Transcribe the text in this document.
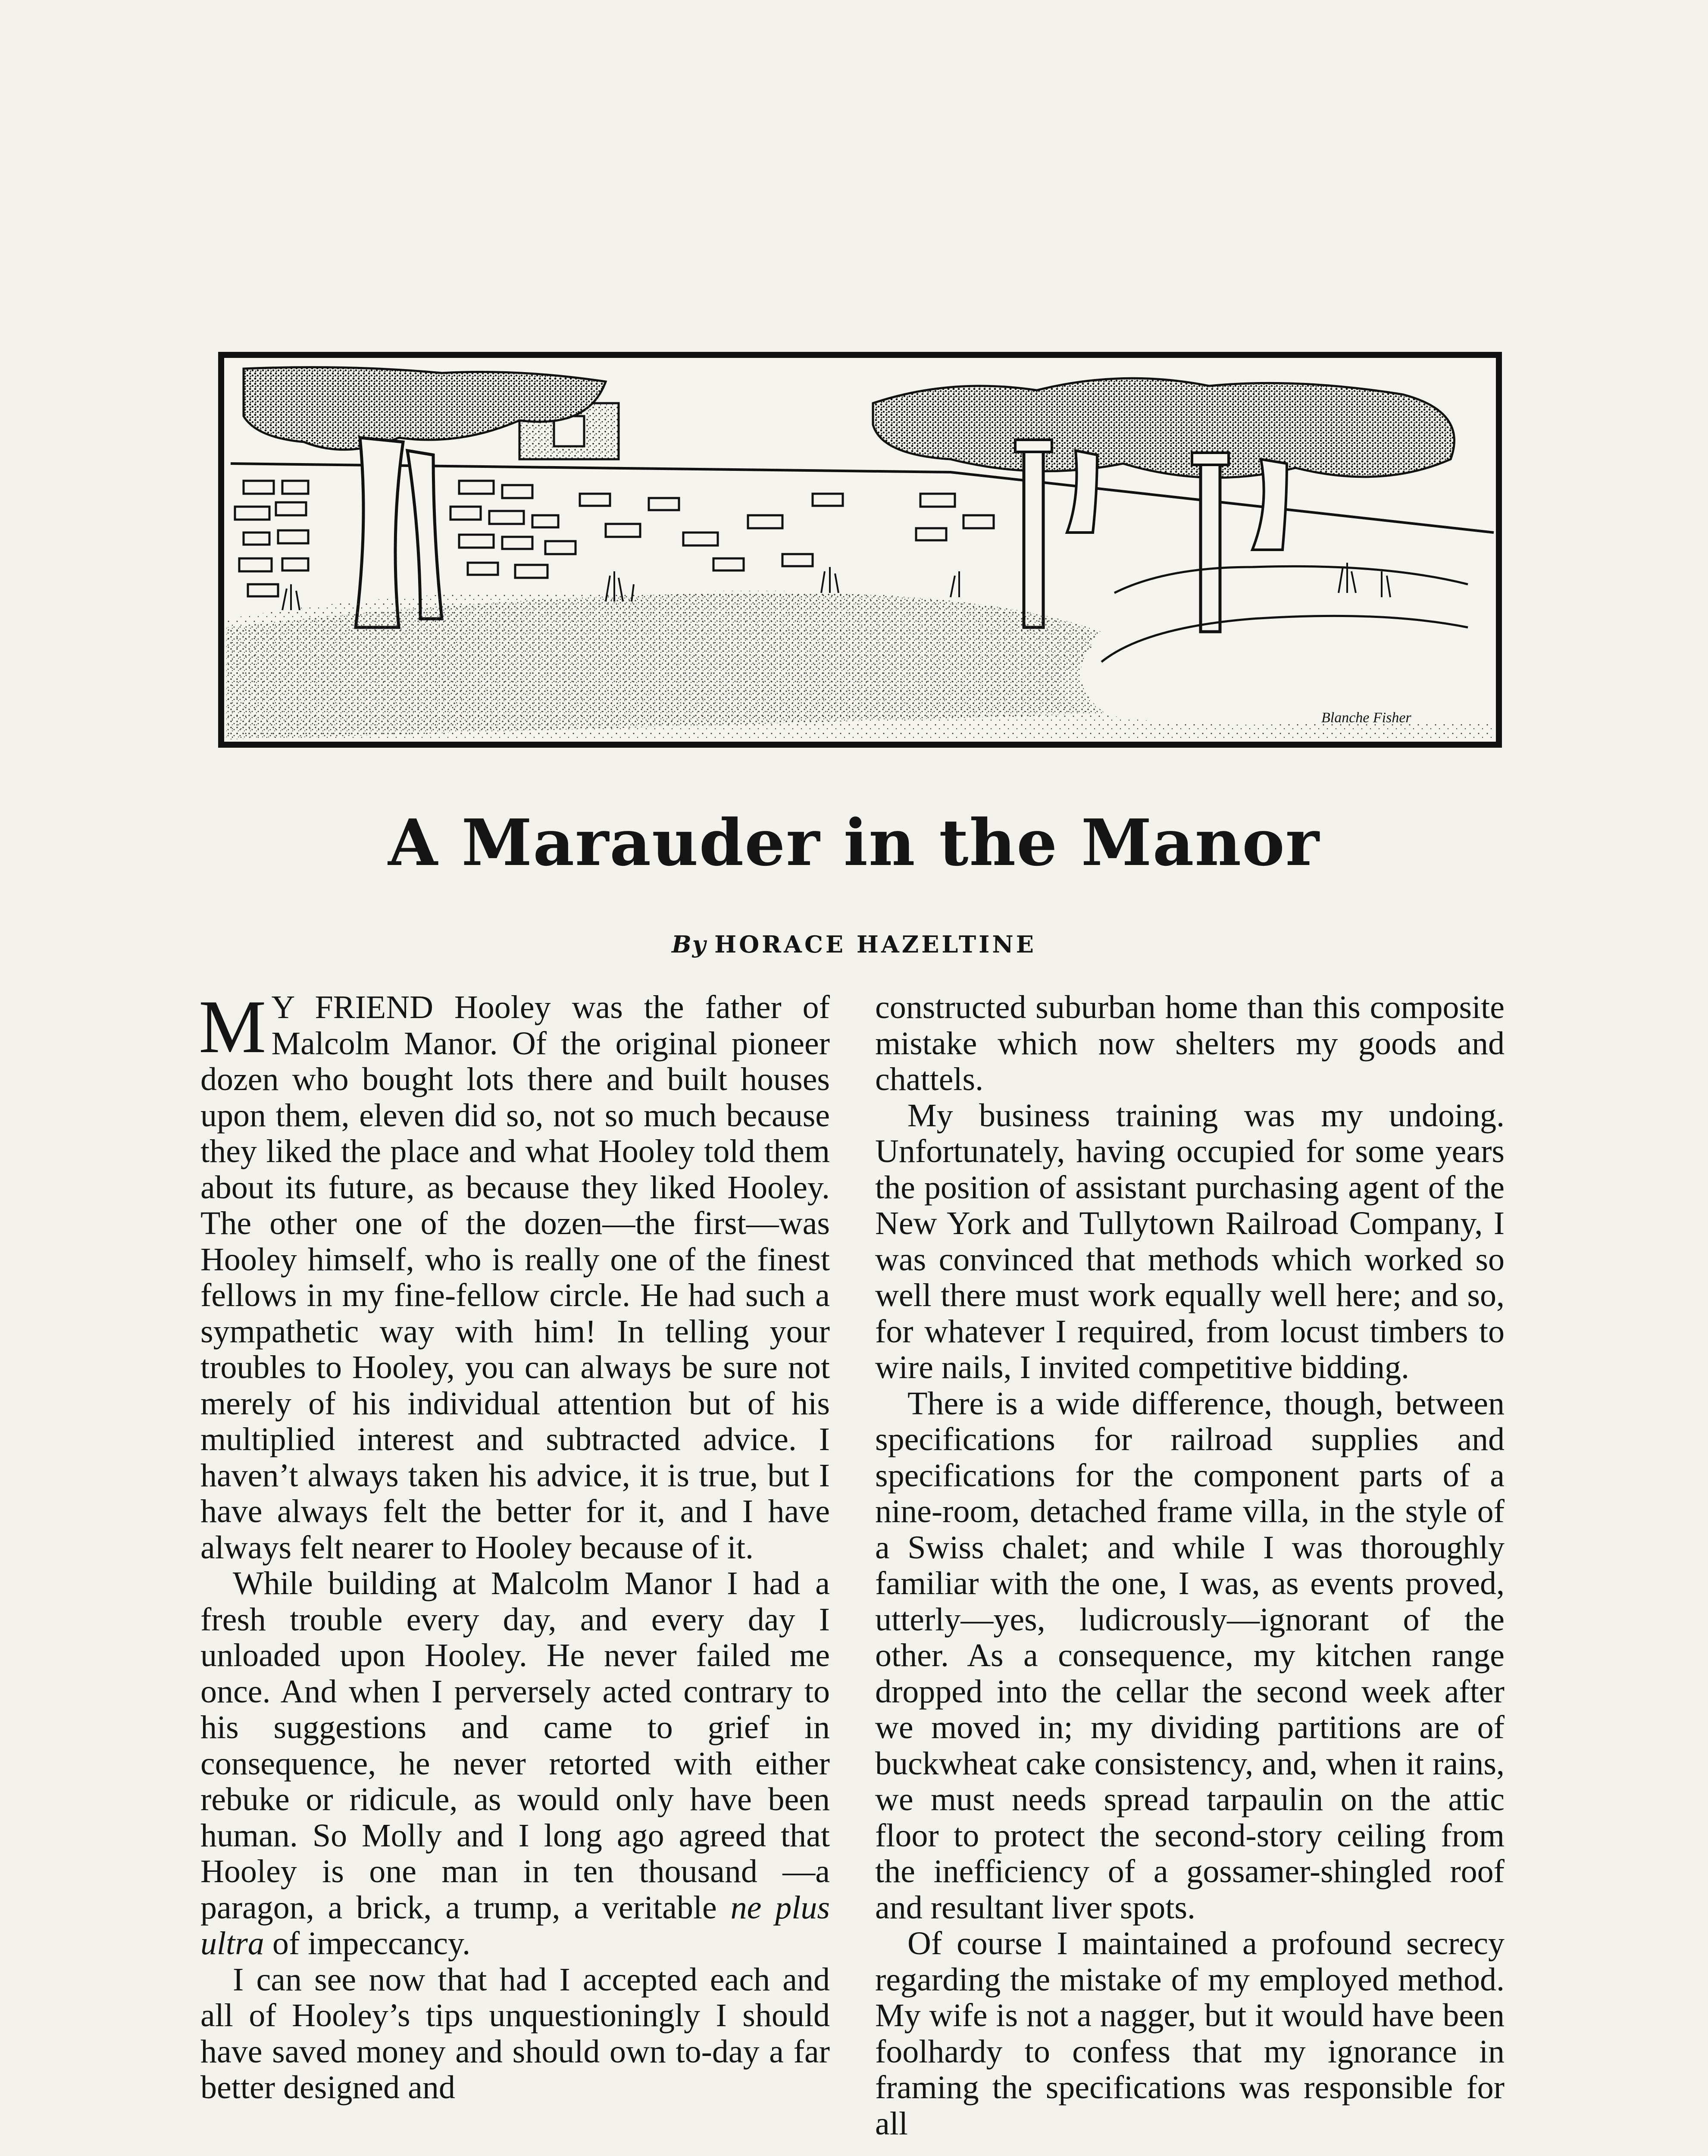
Blanche Fisher
A Marauder in the Manor
By HORACE HAZELTINE

M Y FRIEND Hooley was the father of Malcolm Manor. Of the original pioneer dozen who bought lots there and built houses upon them, eleven did so, not so much because they liked the place and what Hooley told them about its future, as because they liked Hooley. The other one of the dozen—the first—was Hooley himself, who is really one of the finest fellows in my fine-fellow circle. He had such a sympathetic way with him! In telling your troubles to Hooley, you can always be sure not merely of his individual attention but of his multiplied interest and subtracted advice. I haven’t always taken his advice, it is true, but I have always felt the better for it, and I have always felt nearer to Hooley because of it.

While building at Malcolm Manor I had a fresh trouble every day, and every day I unloaded upon Hooley. He never failed me once. And when I perversely acted contrary to his suggestions and came to grief in consequence, he never retorted with either rebuke or ridicule, as would only have been human. So Molly and I long ago agreed that Hooley is one man in ten thousand —a paragon, a brick, a trump, a veritable ne plus ultra of impeccancy.

I can see now that had I accepted each and all of Hooley’s tips unquestioningly I should have saved money and should own to-day a far better designed and

constructed suburban home than this composite mistake which now shelters my goods and chattels.

My business training was my undoing. Unfortunately, having occupied for some years the position of assistant purchasing agent of the New York and Tullytown Railroad Company, I was convinced that methods which worked so well there must work equally well here; and so, for whatever I required, from locust timbers to wire nails, I invited competitive bidding.

There is a wide difference, though, between specifications for railroad supplies and specifications for the component parts of a nine-room, detached frame villa, in the style of a Swiss chalet; and while I was thoroughly familiar with the one, I was, as events proved, utterly—yes, ludicrously—ignorant of the other. As a consequence, my kitchen range dropped into the cellar the second week after we moved in; my dividing partitions are of buckwheat cake consistency, and, when it rains, we must needs spread tarpaulin on the attic floor to protect the second-story ceiling from the inefficiency of a gossamer-shingled roof and resultant liver spots.

Of course I maintained a profound secrecy regarding the mistake of my employed method. My wife is not a nagger, but it would have been foolhardy to confess that my ignorance in framing the specifications was responsible for all
